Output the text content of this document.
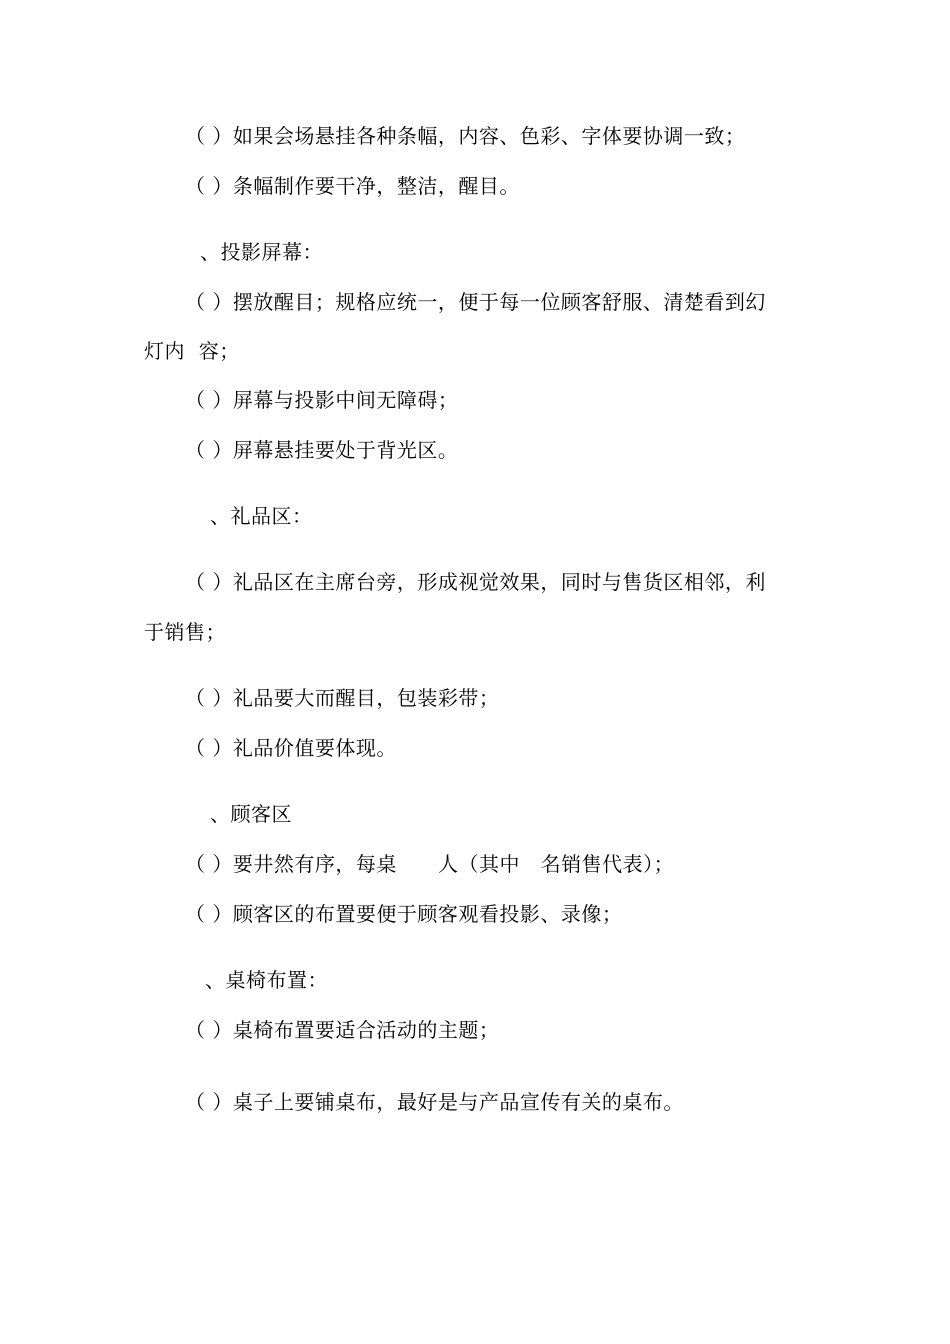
（ ）如果会场悬挂各种条幅，内容、色彩、字体要协调一致；

（ ）条幅制作要干净，整洁，醒目。

、投影屏幕：

（ ）摆放醒目；规格应统一，便于每一位顾客舒服、清楚看到幻

灯内  容；

（ ）屏幕与投影中间无障碍；

（ ）屏幕悬挂要处于背光区。

、礼品区：

（ ）礼品区在主席台旁，形成视觉效果，同时与售货区相邻，利

于销售；

（ ）礼品要大而醒目，包装彩带；

（ ）礼品价值要体现。

、顾客区

（ ）要井然有序，每桌      人（其中   名销售代表）；

（ ）顾客区的布置要便于顾客观看投影、录像；

、桌椅布置：

（ ）桌椅布置要适合活动的主题；

（ ）桌子上要铺桌布，最好是与产品宣传有关的桌布。
